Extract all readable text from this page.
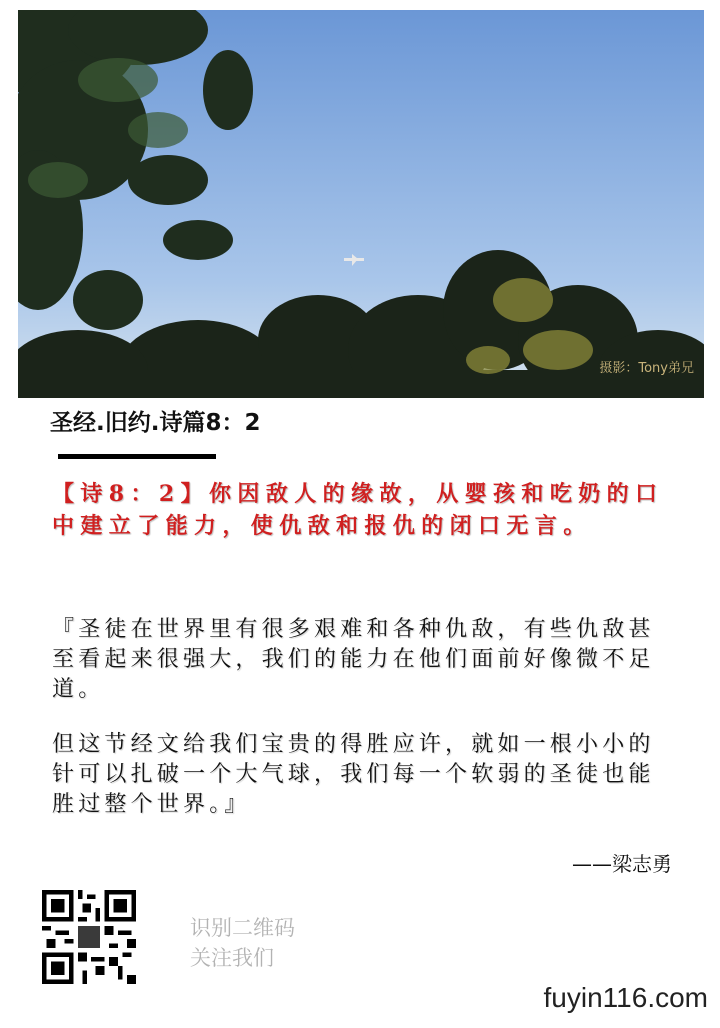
摄影：Tony弟兄
圣经.旧约.诗篇8：2
【诗8：2】你因敌人的缘故，从婴孩和吃奶的口中建立了能力，使仇敌和报仇的闭口无言。
『圣徒在世界里有很多艰难和各种仇敌，有些仇敌甚至看起来很强大，我们的能力在他们面前好像微不足道。
但这节经文给我们宝贵的得胜应许，就如一根小小的针可以扎破一个大气球，我们每一个软弱的圣徒也能胜过整个世界。』
——梁志勇
识别二维码
关注我们
fuyin116.com
